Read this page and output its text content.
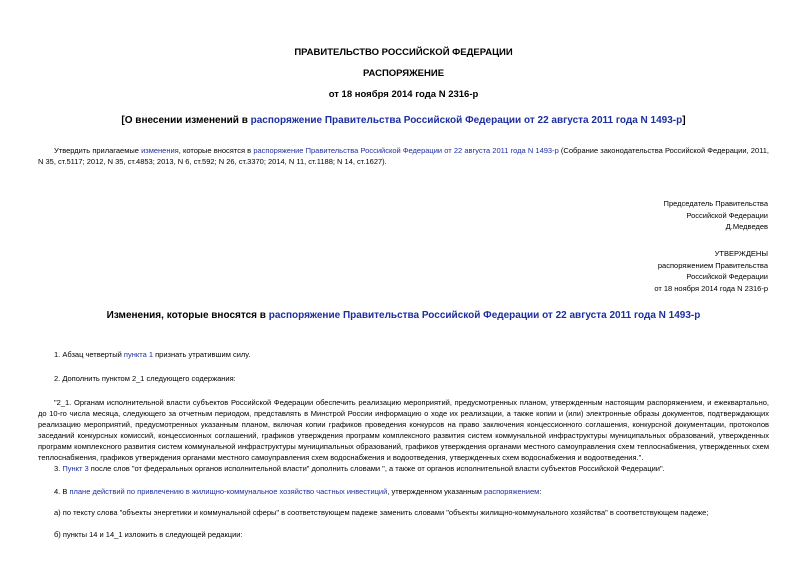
ПРАВИТЕЛЬСТВО РОССИЙСКОЙ ФЕДЕРАЦИИ
РАСПОРЯЖЕНИЕ
от 18 ноября 2014 года N 2316-р
[О внесении изменений в распоряжение Правительства Российской Федерации от 22 августа 2011 года N 1493-р]
Утвердить прилагаемые изменения, которые вносятся в распоряжение Правительства Российской Федерации от 22 августа 2011 года N 1493-р (Собрание законодательства Российской Федерации, 2011, N 35, ст.5117; 2012, N 35, ст.4853; 2013, N 6, ст.592; N 26, ст.3370; 2014, N 11, ст.1188; N 14, ст.1627).
Председатель Правительства
Российской Федерации
Д.Медведев
УТВЕРЖДЕНЫ
распоряжением Правительства
Российской Федерации
от 18 ноября 2014 года N 2316-р
Изменения, которые вносятся в распоряжение Правительства Российской Федерации от 22 августа 2011 года N 1493-р
1. Абзац четвертый пункта 1 признать утратившим силу.
2. Дополнить пунктом 2_1 следующего содержания:
"2_1. Органам исполнительной власти субъектов Российской Федерации обеспечить реализацию мероприятий, предусмотренных планом, утвержденным настоящим распоряжением, и ежеквартально, до 10-го числа месяца, следующего за отчетным периодом, представлять в Минстрой России информацию о ходе их реализации, а также копии и (или) электронные образы документов, подтверждающих реализацию мероприятий, предусмотренных указанным планом, включая копии графиков проведения конкурсов на право заключения концессионного соглашения, конкурсной документации, протоколов заседаний конкурсных комиссий, концессионных соглашений, графиков утверждения программ комплексного развития систем коммунальной инфраструктуры муниципальных образований, утвержденных программ комплексного развития систем коммунальной инфраструктуры муниципальных образований, графиков утверждения органами местного самоуправления схем теплоснабжения, утвержденных схем теплоснабжения, графиков утверждения органами местного самоуправления схем водоснабжения и водоотведения, утвержденных схем водоснабжения и водоотведения.".
3. Пункт 3 после слов "от федеральных органов исполнительной власти" дополнить словами ", а также от органов исполнительной власти субъектов Российской Федерации".
4. В плане действий по привлечению в жилищно-коммунальное хозяйство частных инвестиций, утвержденном указанным распоряжением:
а) по тексту слова "объекты энергетики и коммунальной сферы" в соответствующем падеже заменить словами "объекты жилищно-коммунального хозяйства" в соответствующем падеже;
б) пункты 14 и 14_1 изложить в следующей редакции:
